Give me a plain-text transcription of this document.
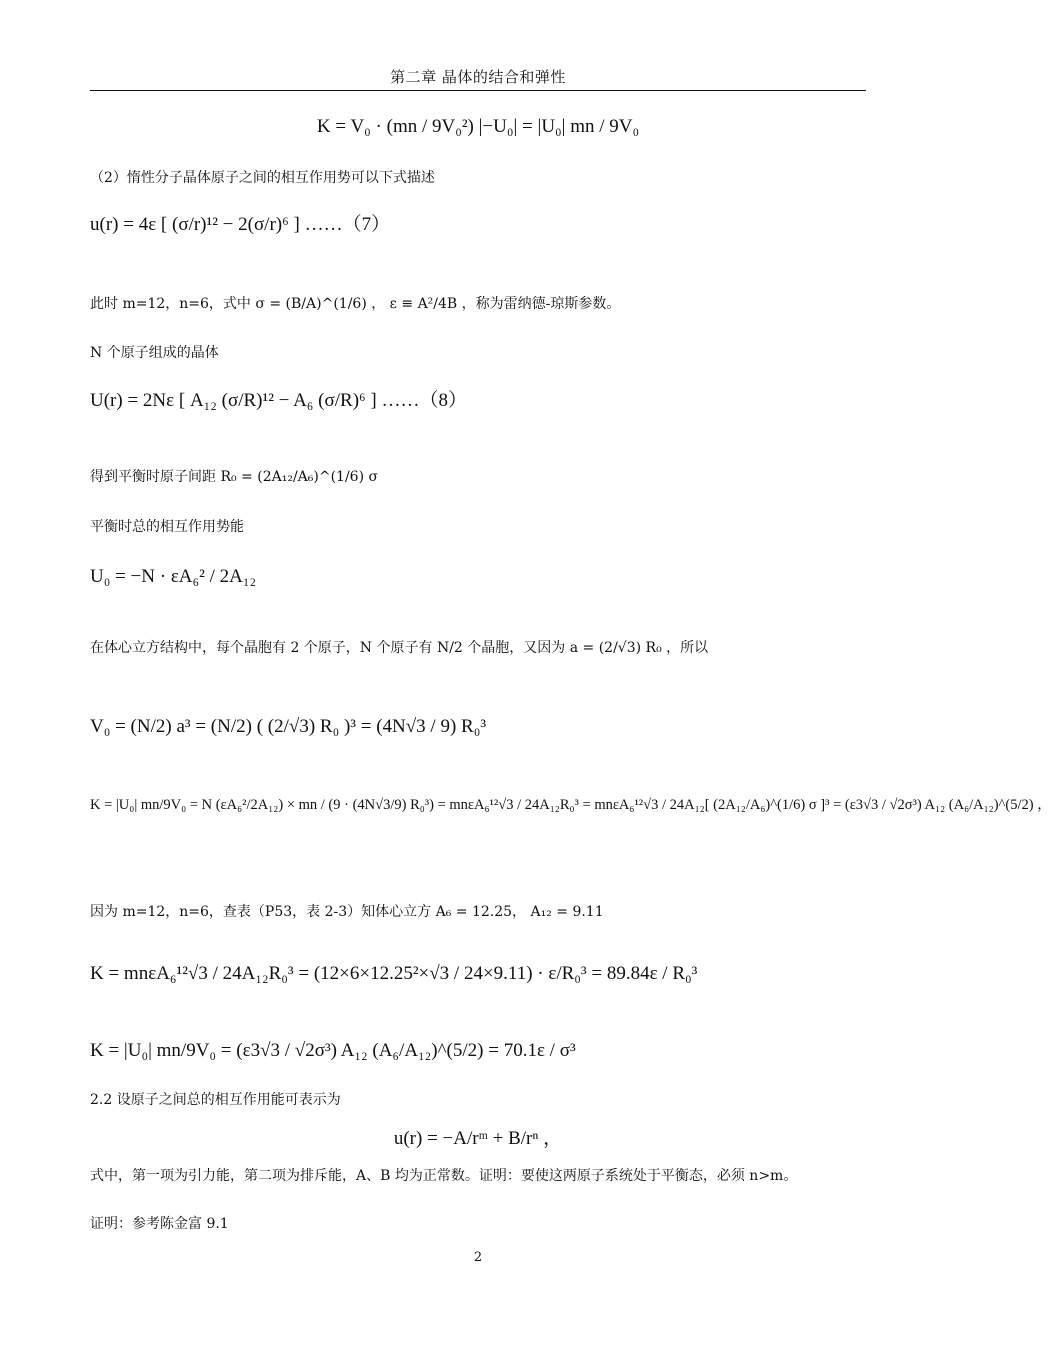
第二章 晶体的结合和弹性
K = V₀ · (mn / 9V₀²) |−U₀| = |U₀| mn / 9V₀
（2）惰性分子晶体原子之间的相互作用势可以下式描述
u(r) = 4ε [ (σ/r)¹² − 2(σ/r)⁶ ] ……（7）
此时 m=12，n=6，式中 σ = (B/A)^(1/6) ， ε ≡ A²/4B ，称为雷纳德-琼斯参数。
N 个原子组成的晶体
U(r) = 2Nε [ A₁₂ (σ/R)¹² − A₆ (σ/R)⁶ ] ……（8）
得到平衡时原子间距 R₀ = (2A₁₂/A₆)^(1/6) σ
平衡时总的相互作用势能
U₀ = −N · εA₆² / 2A₁₂
在体心立方结构中，每个晶胞有 2 个原子，N 个原子有 N/2 个晶胞，又因为 a = (2/√3) R₀ ，所以
V₀ = (N/2) a³ = (N/2) ( (2/√3) R₀ )³ = (4N√3 / 9) R₀³
K = |U₀| mn/9V₀ = N (εA₆²/2A₁₂) × mn / (9 · (4N√3/9) R₀³) = mnεA₆¹²√3 / 24A₁₂R₀³ = mnεA₆¹²√3 / 24A₁₂[ (2A₁₂/A₆)^(1/6) σ ]³ = (ε3√3 / √2σ³) A₁₂ (A₆/A₁₂)^(5/2) ，
因为 m=12，n=6，查表（P53，表 2-3）知体心立方 A₆ = 12.25， A₁₂ = 9.11
K = mnεA₆¹²√3 / 24A₁₂R₀³ = (12×6×12.25²×√3 / 24×9.11) · ε/R₀³ = 89.84ε / R₀³
K = |U₀| mn/9V₀ = (ε3√3 / √2σ³) A₁₂ (A₆/A₁₂)^(5/2) = 70.1ε / σ³
2.2 设原子之间总的相互作用能可表示为
u(r) = −A/rᵐ + B/rⁿ ，
式中，第一项为引力能，第二项为排斥能，A、B 均为正常数。证明：要使这两原子系统处于平衡态，必须 n>m。
证明：参考陈金富 9.1
2
